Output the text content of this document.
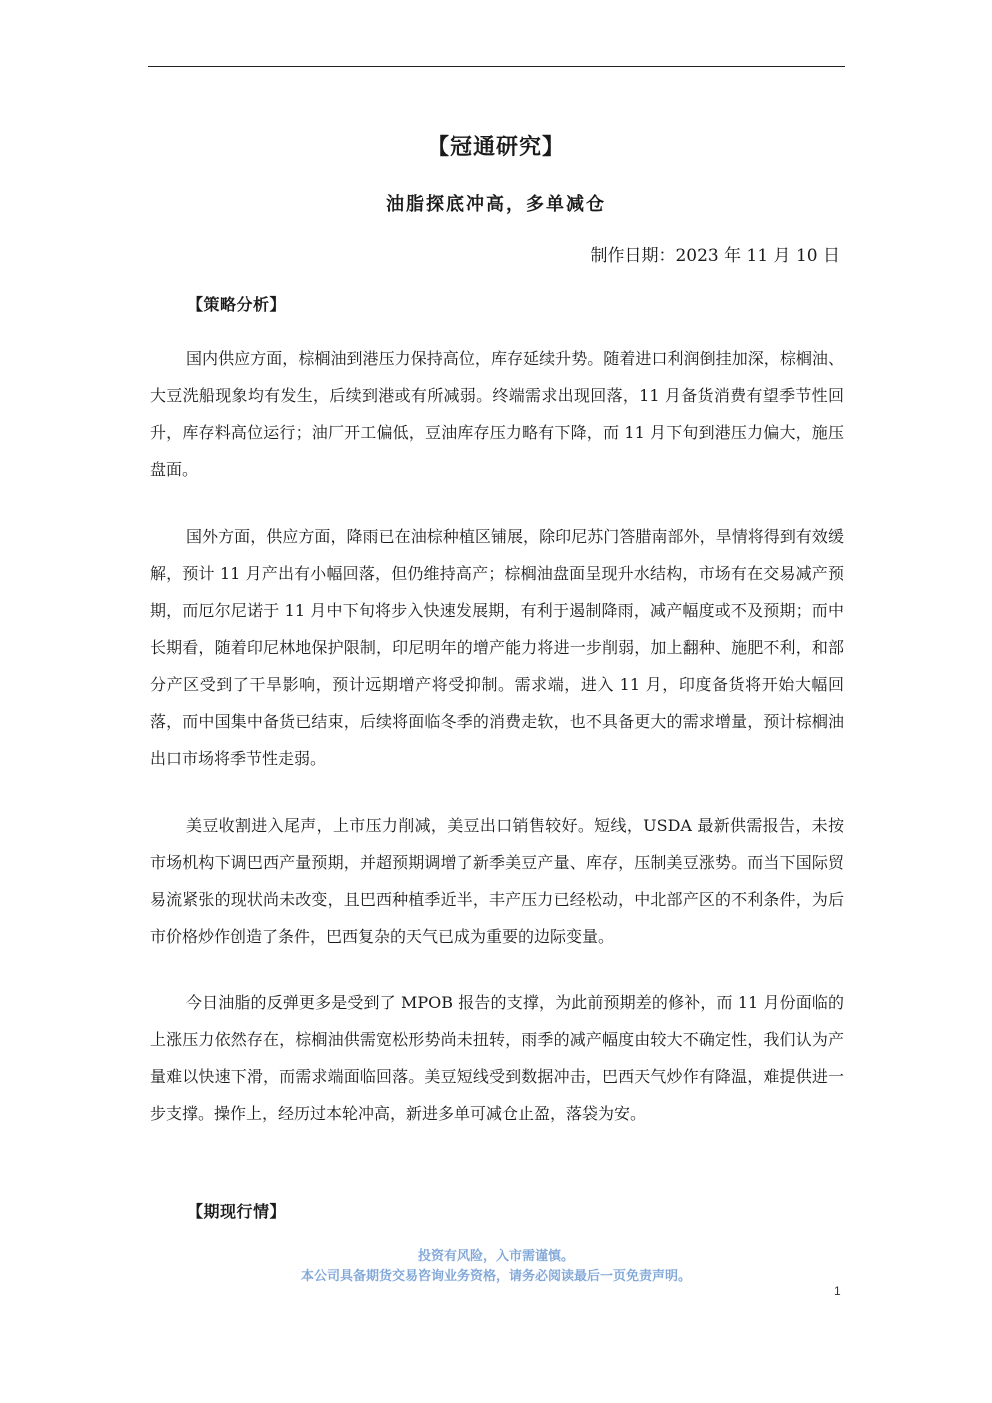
【冠通研究】
油脂探底冲高，多单减仓
制作日期：2023 年 11 月 10 日
【策略分析】

国内供应方面，棕榈油到港压力保持高位，库存延续升势。随着进口利润倒挂加深，棕榈油、大豆洗船现象均有发生，后续到港或有所减弱。终端需求出现回落，11 月备货消费有望季节性回升，库存料高位运行；油厂开工偏低，豆油库存压力略有下降，而 11 月下旬到港压力偏大，施压盘面。

国外方面，供应方面，降雨已在油棕种植区铺展，除印尼苏门答腊南部外，旱情将得到有效缓解，预计 11 月产出有小幅回落，但仍维持高产；棕榈油盘面呈现升水结构，市场有在交易减产预期，而厄尔尼诺于 11 月中下旬将步入快速发展期，有利于遏制降雨，减产幅度或不及预期；而中长期看，随着印尼林地保护限制，印尼明年的增产能力将进一步削弱，加上翻种、施肥不利，和部分产区受到了干旱影响，预计远期增产将受抑制。需求端，进入 11 月，印度备货将开始大幅回落，而中国集中备货已结束，后续将面临冬季的消费走软，也不具备更大的需求增量，预计棕榈油出口市场将季节性走弱。

美豆收割进入尾声，上市压力削减，美豆出口销售较好。短线，USDA 最新供需报告，未按市场机构下调巴西产量预期，并超预期调增了新季美豆产量、库存，压制美豆涨势。而当下国际贸易流紧张的现状尚未改变，且巴西种植季近半，丰产压力已经松动，中北部产区的不利条件，为后市价格炒作创造了条件，巴西复杂的天气已成为重要的边际变量。

今日油脂的反弹更多是受到了 MPOB 报告的支撑，为此前预期差的修补，而 11 月份面临的上涨压力依然存在，棕榈油供需宽松形势尚未扭转，雨季的减产幅度由较大不确定性，我们认为产量难以快速下滑，而需求端面临回落。美豆短线受到数据冲击，巴西天气炒作有降温，难提供进一步支撑。操作上，经历过本轮冲高，新进多单可减仓止盈，落袋为安。

【期现行情】
投资有风险，入市需谨慎。
本公司具备期货交易咨询业务资格，请务必阅读最后一页免责声明。
1
